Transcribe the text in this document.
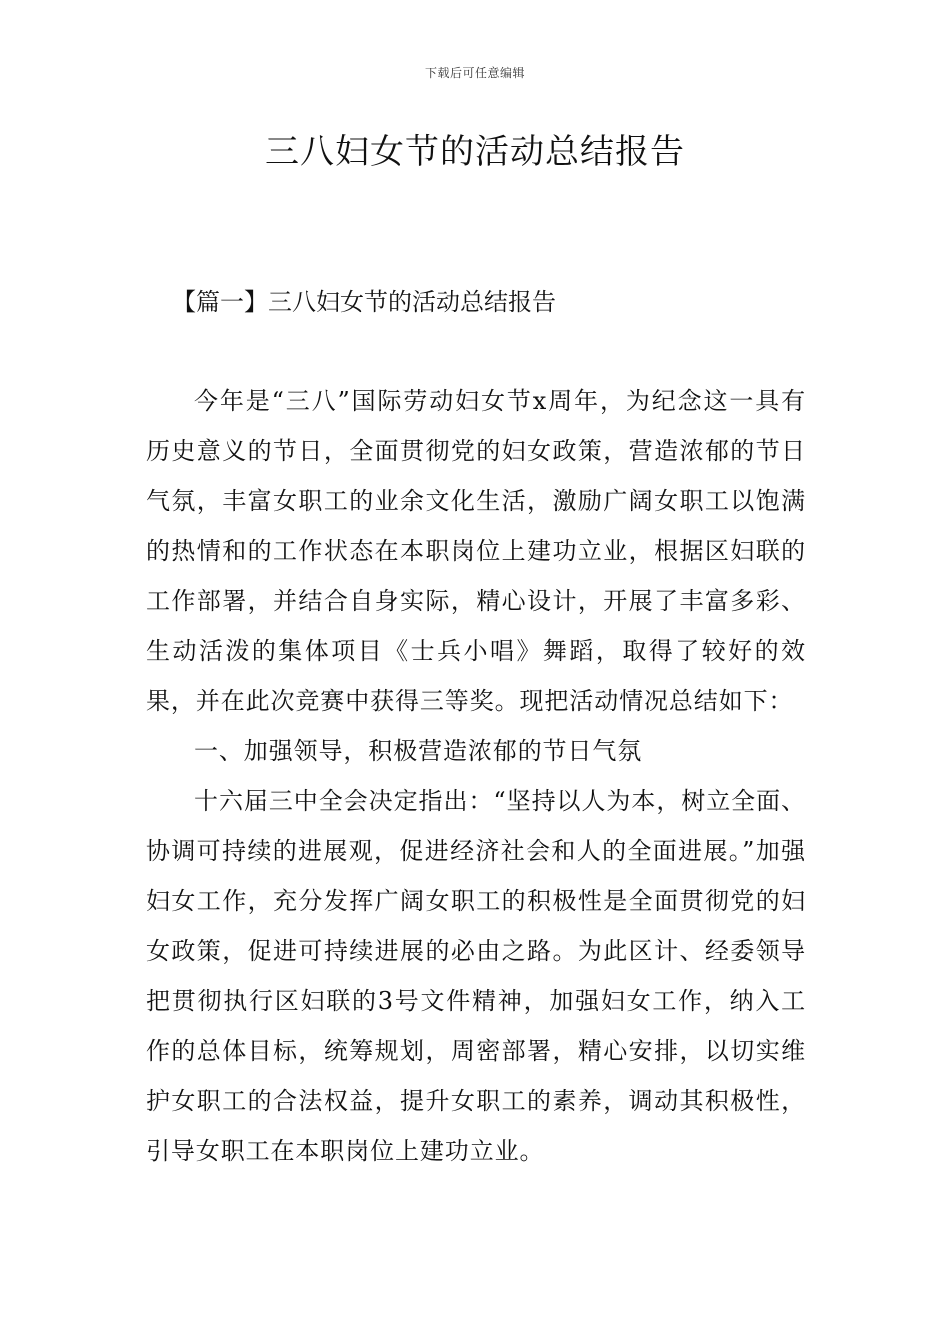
下载后可任意编辑
三八妇女节的活动总结报告
【篇一】三八妇女节的活动总结报告

今年是“三八”国际劳动妇女节x周年，为纪念这一具有历史意义的节日，全面贯彻党的妇女政策，营造浓郁的节日气氛，丰富女职工的业余文化生活，激励广阔女职工以饱满的热情和的工作状态在本职岗位上建功立业，根据区妇联的工作部署，并结合自身实际，精心设计，开展了丰富多彩、生动活泼的集体项目《士兵小唱》舞蹈，取得了较好的效果，并在此次竞赛中获得三等奖。现把活动情况总结如下：

一、加强领导，积极营造浓郁的节日气氛

十六届三中全会决定指出：“坚持以人为本，树立全面、协调可持续的进展观，促进经济社会和人的全面进展。”加强妇女工作，充分发挥广阔女职工的积极性是全面贯彻党的妇女政策，促进可持续进展的必由之路。为此区计、经委领导把贯彻执行区妇联的3号文件精神，加强妇女工作，纳入工作的总体目标，统筹规划，周密部署，精心安排，以切实维护女职工的合法权益，提升女职工的素养，调动其积极性，引导女职工在本职岗位上建功立业。
